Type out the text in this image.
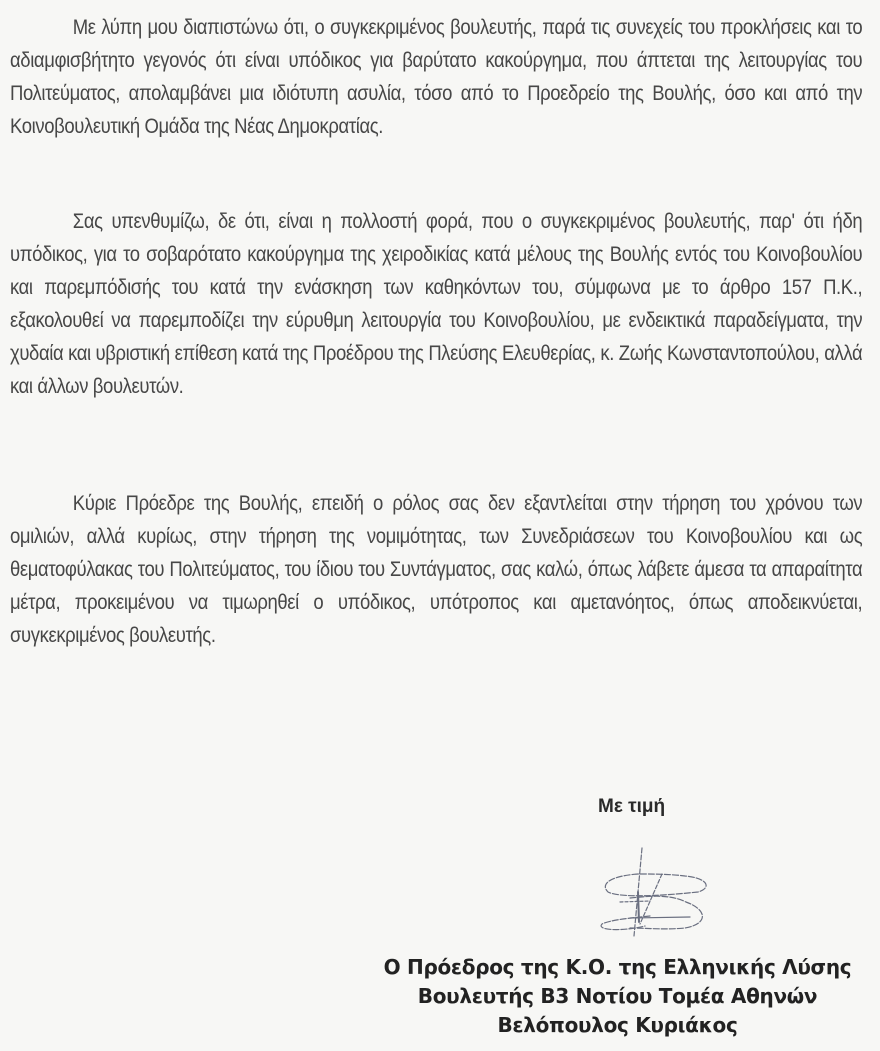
Με λύπη μου διαπιστώνω ότι, ο συγκεκριμένος βουλευτής, παρά τις συνεχείς του προκλήσεις και το αδιαμφισβήτητο γεγονός ότι είναι υπόδικος για βαρύτατο κακούργημα, που άπτεται της λειτουργίας του Πολιτεύματος, απολαμβάνει μια ιδιότυπη ασυλία, τόσο από το Προεδρείο της Βουλής, όσο και από την Κοινοβουλευτική Ομάδα της Νέας Δημοκρατίας.
Σας υπενθυμίζω, δε ότι, είναι η πολλοστή φορά, που ο συγκεκριμένος βουλευτής, παρ' ότι ήδη υπόδικος, για το σοβαρότατο κακούργημα της χειροδικίας κατά μέλους της Βουλής εντός του Κοινοβουλίου και παρεμπόδισής του κατά την ενάσκηση των καθηκόντων του, σύμφωνα με το άρθρο 157 Π.Κ., εξακολουθεί να παρεμποδίζει την εύρυθμη λειτουργία του Κοινοβουλίου, με ενδεικτικά παραδείγματα, την χυδαία και υβριστική επίθεση κατά της Προέδρου της Πλεύσης Ελευθερίας, κ. Ζωής Κωνσταντοπούλου, αλλά και άλλων βουλευτών.
Κύριε Πρόεδρε της Βουλής, επειδή ο ρόλος σας δεν εξαντλείται στην τήρηση του χρόνου των ομιλιών, αλλά κυρίως, στην τήρηση της νομιμότητας, των Συνεδριάσεων του Κοινοβουλίου και ως θεματοφύλακας του Πολιτεύματος, του ίδιου του Συντάγματος, σας καλώ, όπως λάβετε άμεσα τα απαραίτητα μέτρα, προκειμένου να τιμωρηθεί ο υπόδικος, υπότροπος και αμετανόητος, όπως αποδεικνύεται, συγκεκριμένος βουλευτής.
Με τιμή
Ο Πρόεδρος της Κ.Ο. της Ελληνικής Λύσης
Βουλευτής Β3 Νοτίου Τομέα Αθηνών
Βελόπουλος Κυριάκος
